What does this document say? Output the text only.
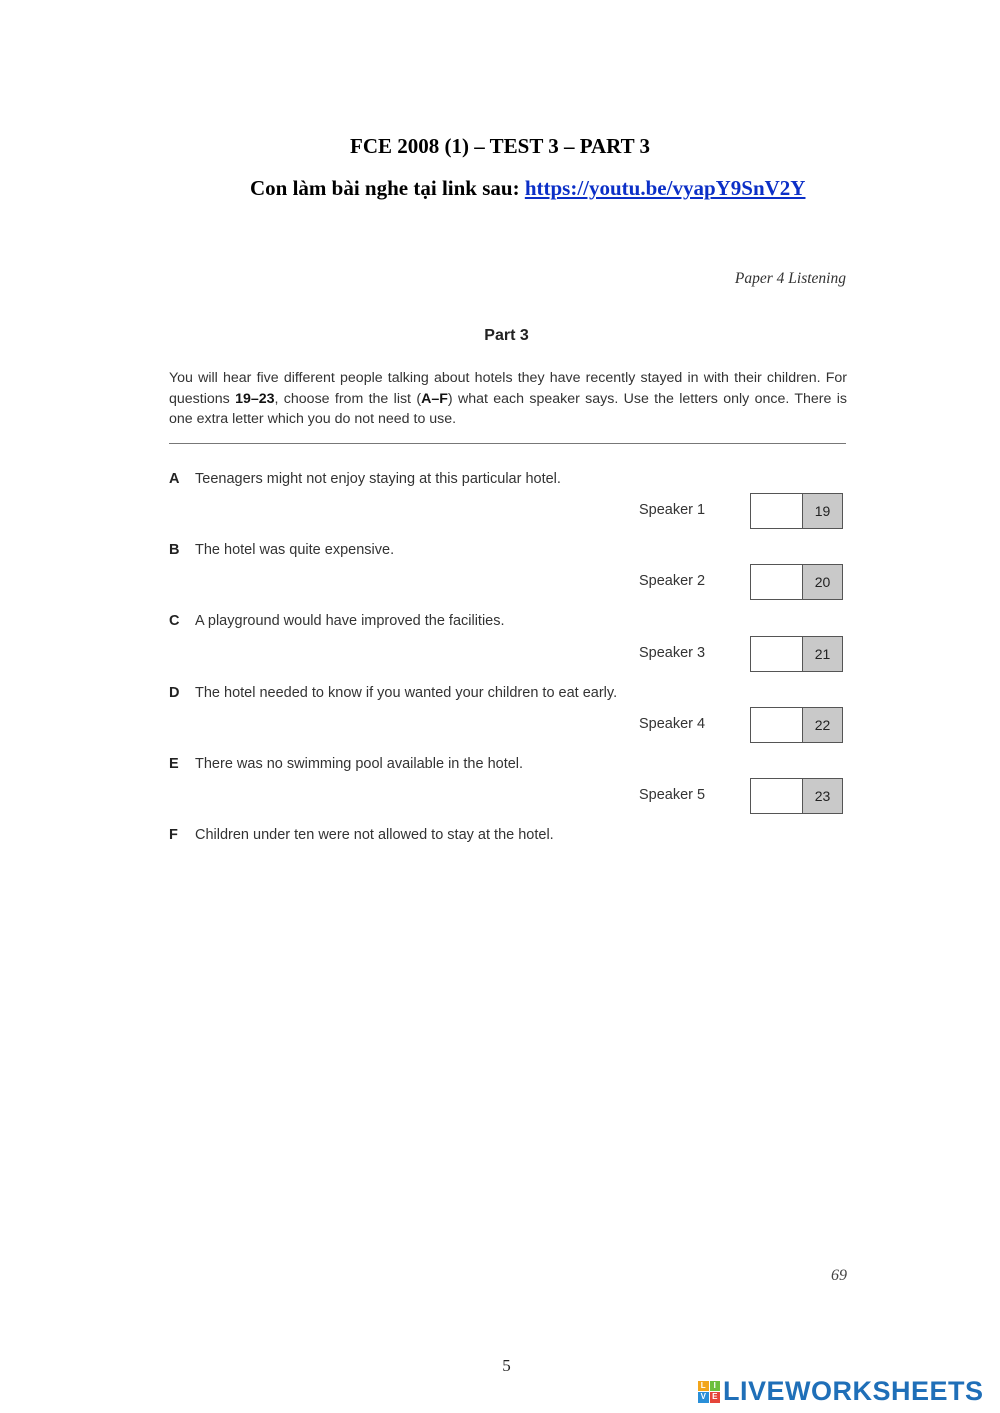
FCE 2008 (1) – TEST 3 – PART 3
Con làm bài nghe tại link sau: https://youtu.be/vyapY9SnV2Y
Paper 4 Listening
Part 3
You will hear five different people talking about hotels they have recently stayed in with their children. For questions 19–23, choose from the list (A–F) what each speaker says. Use the letters only once. There is one extra letter which you do not need to use.
A Teenagers might not enjoy staying at this particular hotel.
B The hotel was quite expensive.
C A playground would have improved the facilities.
D The hotel needed to know if you wanted your children to eat early.
E There was no swimming pool available in the hotel.
F Children under ten were not allowed to stay at the hotel.
Speaker 1	19
Speaker 2	20
Speaker 3	21
Speaker 4	22
Speaker 5	23
69
5
L I
V E LIVEWORKSHEETS
